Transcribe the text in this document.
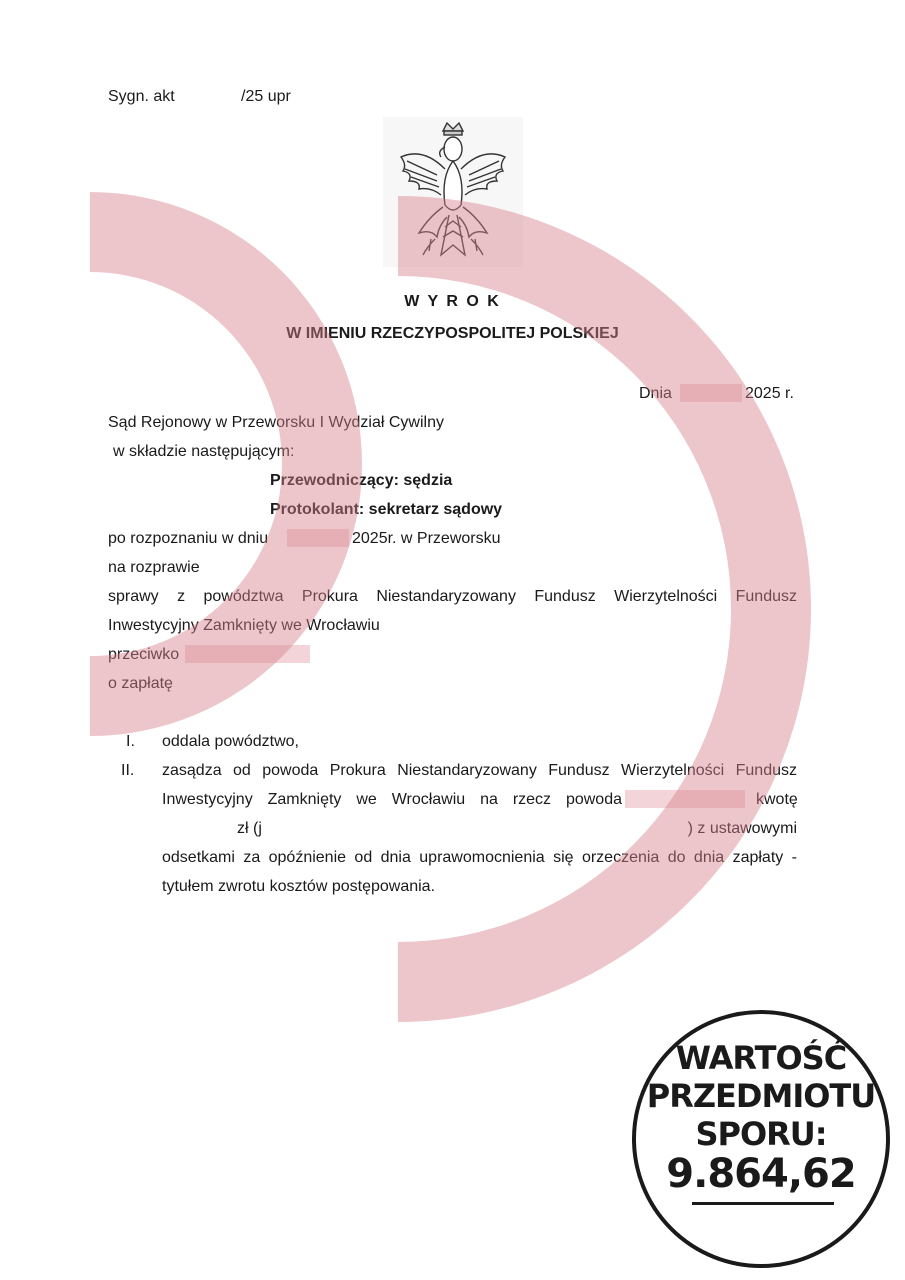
Sygn. akt	/25 upr
W Y R O K
W IMIENIU RZECZYPOSPOLITEJ POLSKIEJ
Dnia	2025 r.
Sąd Rejonowy w Przeworsku I Wydział Cywilny
w składzie następującym:
Przewodniczący: sędzia
Protokolant: sekretarz sądowy
po rozpoznaniu w dniu	2025r. w Przeworsku
na rozprawie
sprawy z powództwa Prokura Niestandaryzowany Fundusz Wierzytelności Fundusz
Inwestycyjny Zamknięty we Wrocławiu
przeciwko
o zapłatę
I. oddala powództwo,
II. zasądza od powoda Prokura Niestandaryzowany Fundusz Wierzytelności Fundusz
Inwestycyjny Zamknięty we Wrocławiu na rzecz powoda	kwotę
zł (j	) z ustawowymi
odsetkami za opóźnienie od dnia uprawomocnienia się orzeczenia do dnia zapłaty -
tytułem zwrotu kosztów postępowania.
WARTOŚĆ
PRZEDMIOTU
SPORU:
9.864,62
